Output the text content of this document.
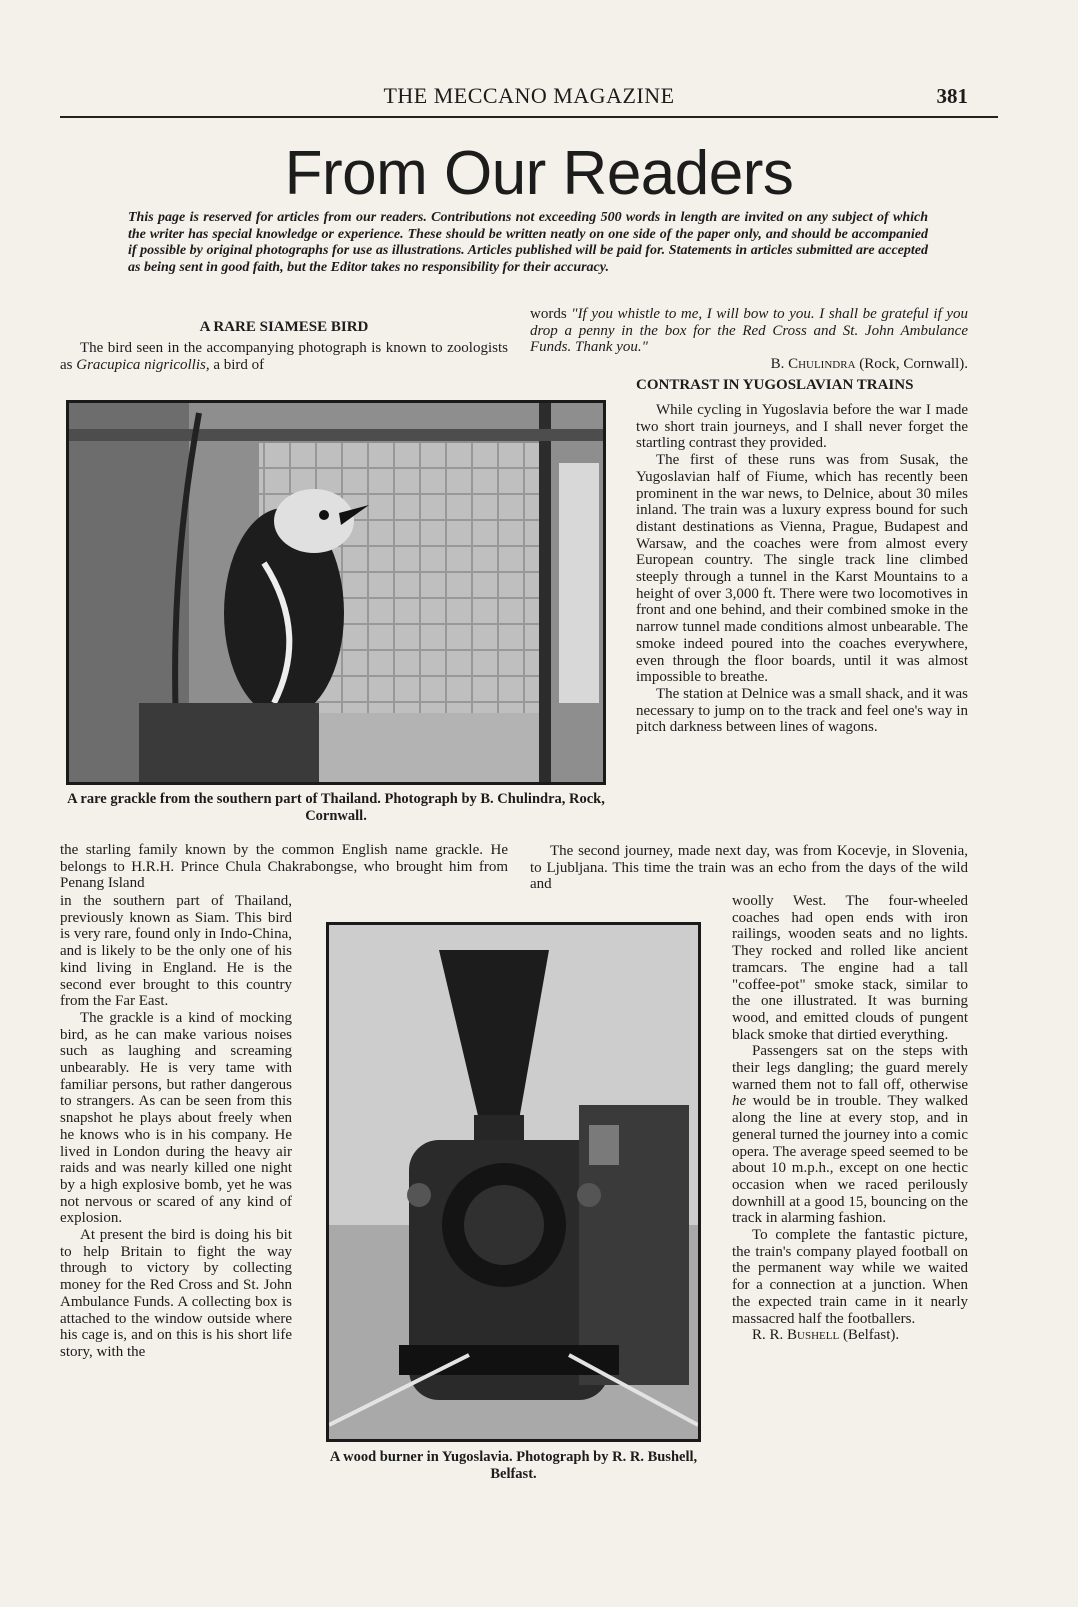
THE MECCANO MAGAZINE	381
From Our Readers
This page is reserved for articles from our readers. Contributions not exceeding 500 words in length are invited on any subject of which the writer has special knowledge or experience. These should be written neatly on one side of the paper only, and should be accompanied if possible by original photographs for use as illustrations. Articles published will be paid for. Statements in articles submitted are accepted as being sent in good faith, but the Editor takes no responsibility for their accuracy.
A RARE SIAMESE BIRD

The bird seen in the accompanying photograph is known to zoologists as Gracupica nigricollis, a bird of

A rare grackle from the southern part of Thailand. Photograph by B. Chulindra, Rock, Cornwall.

the starling family known by the common English name grackle. He belongs to H.R.H. Prince Chula Chakrabongse, who brought him from Penang Island

in the southern part of Thailand, previously known as Siam. This bird is very rare, found only in Indo-China, and is likely to be the only one of his kind living in England. He is the second ever brought to this country from the Far East.

The grackle is a kind of mocking bird, as he can make various noises such as laughing and screaming unbearably. He is very tame with familiar persons, but rather dangerous to strangers. As can be seen from this snapshot he plays about freely when he knows who is in his company. He lived in London during the heavy air raids and was nearly killed one night by a high explosive bomb, yet he was not nervous or scared of any kind of explosion.

At present the bird is doing his bit to help Britain to fight the way through to victory by collecting money for the Red Cross and St. John Ambulance Funds. A collecting box is attached to the window outside where his cage is, and on this is his short life story, with the

words "If you whistle to me, I will bow to you. I shall be grateful if you drop a penny in the box for the Red Cross and St. John Ambulance Funds. Thank you."

B. Chulindra (Rock, Cornwall).
CONTRAST IN YUGOSLAVIAN TRAINS

While cycling in Yugoslavia before the war I made two short train journeys, and I shall never forget the startling contrast they provided.

The first of these runs was from Susak, the Yugoslavian half of Fiume, which has recently been prominent in the war news, to Delnice, about 30 miles inland. The train was a luxury express bound for such distant destinations as Vienna, Prague, Budapest and Warsaw, and the coaches were from almost every European country. The single track line climbed steeply through a tunnel in the Karst Mountains to a height of over 3,000 ft. There were two locomotives in front and one behind, and their combined smoke in the narrow tunnel made conditions almost unbearable. The smoke indeed poured into the coaches everywhere, even through the floor boards, until it was almost impossible to breathe.

The station at Delnice was a small shack, and it was necessary to jump on to the track and feel one's way in pitch darkness between lines of wagons.

The second journey, made next day, was from Kocevje, in Slovenia, to Ljubljana. This time the train was an echo from the days of the wild and

woolly West. The four-wheeled coaches had open ends with iron railings, wooden seats and no lights. They rocked and rolled like ancient tramcars. The engine had a tall "coffee-pot" smoke stack, similar to the one illustrated. It was burning wood, and emitted clouds of pungent black smoke that dirtied everything.

Passengers sat on the steps with their legs dangling; the guard merely warned them not to fall off, otherwise he would be in trouble. They walked along the line at every stop, and in general turned the journey into a comic opera. The average speed seemed to be about 10 m.p.h., except on one hectic occasion when we raced perilously downhill at a good 15, bouncing on the track in alarming fashion.

To complete the fantastic picture, the train's company played football on the permanent way while we waited for a connection at a junction. When the expected train came in it nearly massacred half the footballers.

R. R. Bushell (Belfast).
A wood burner in Yugoslavia. Photograph by R. R. Bushell, Belfast.
